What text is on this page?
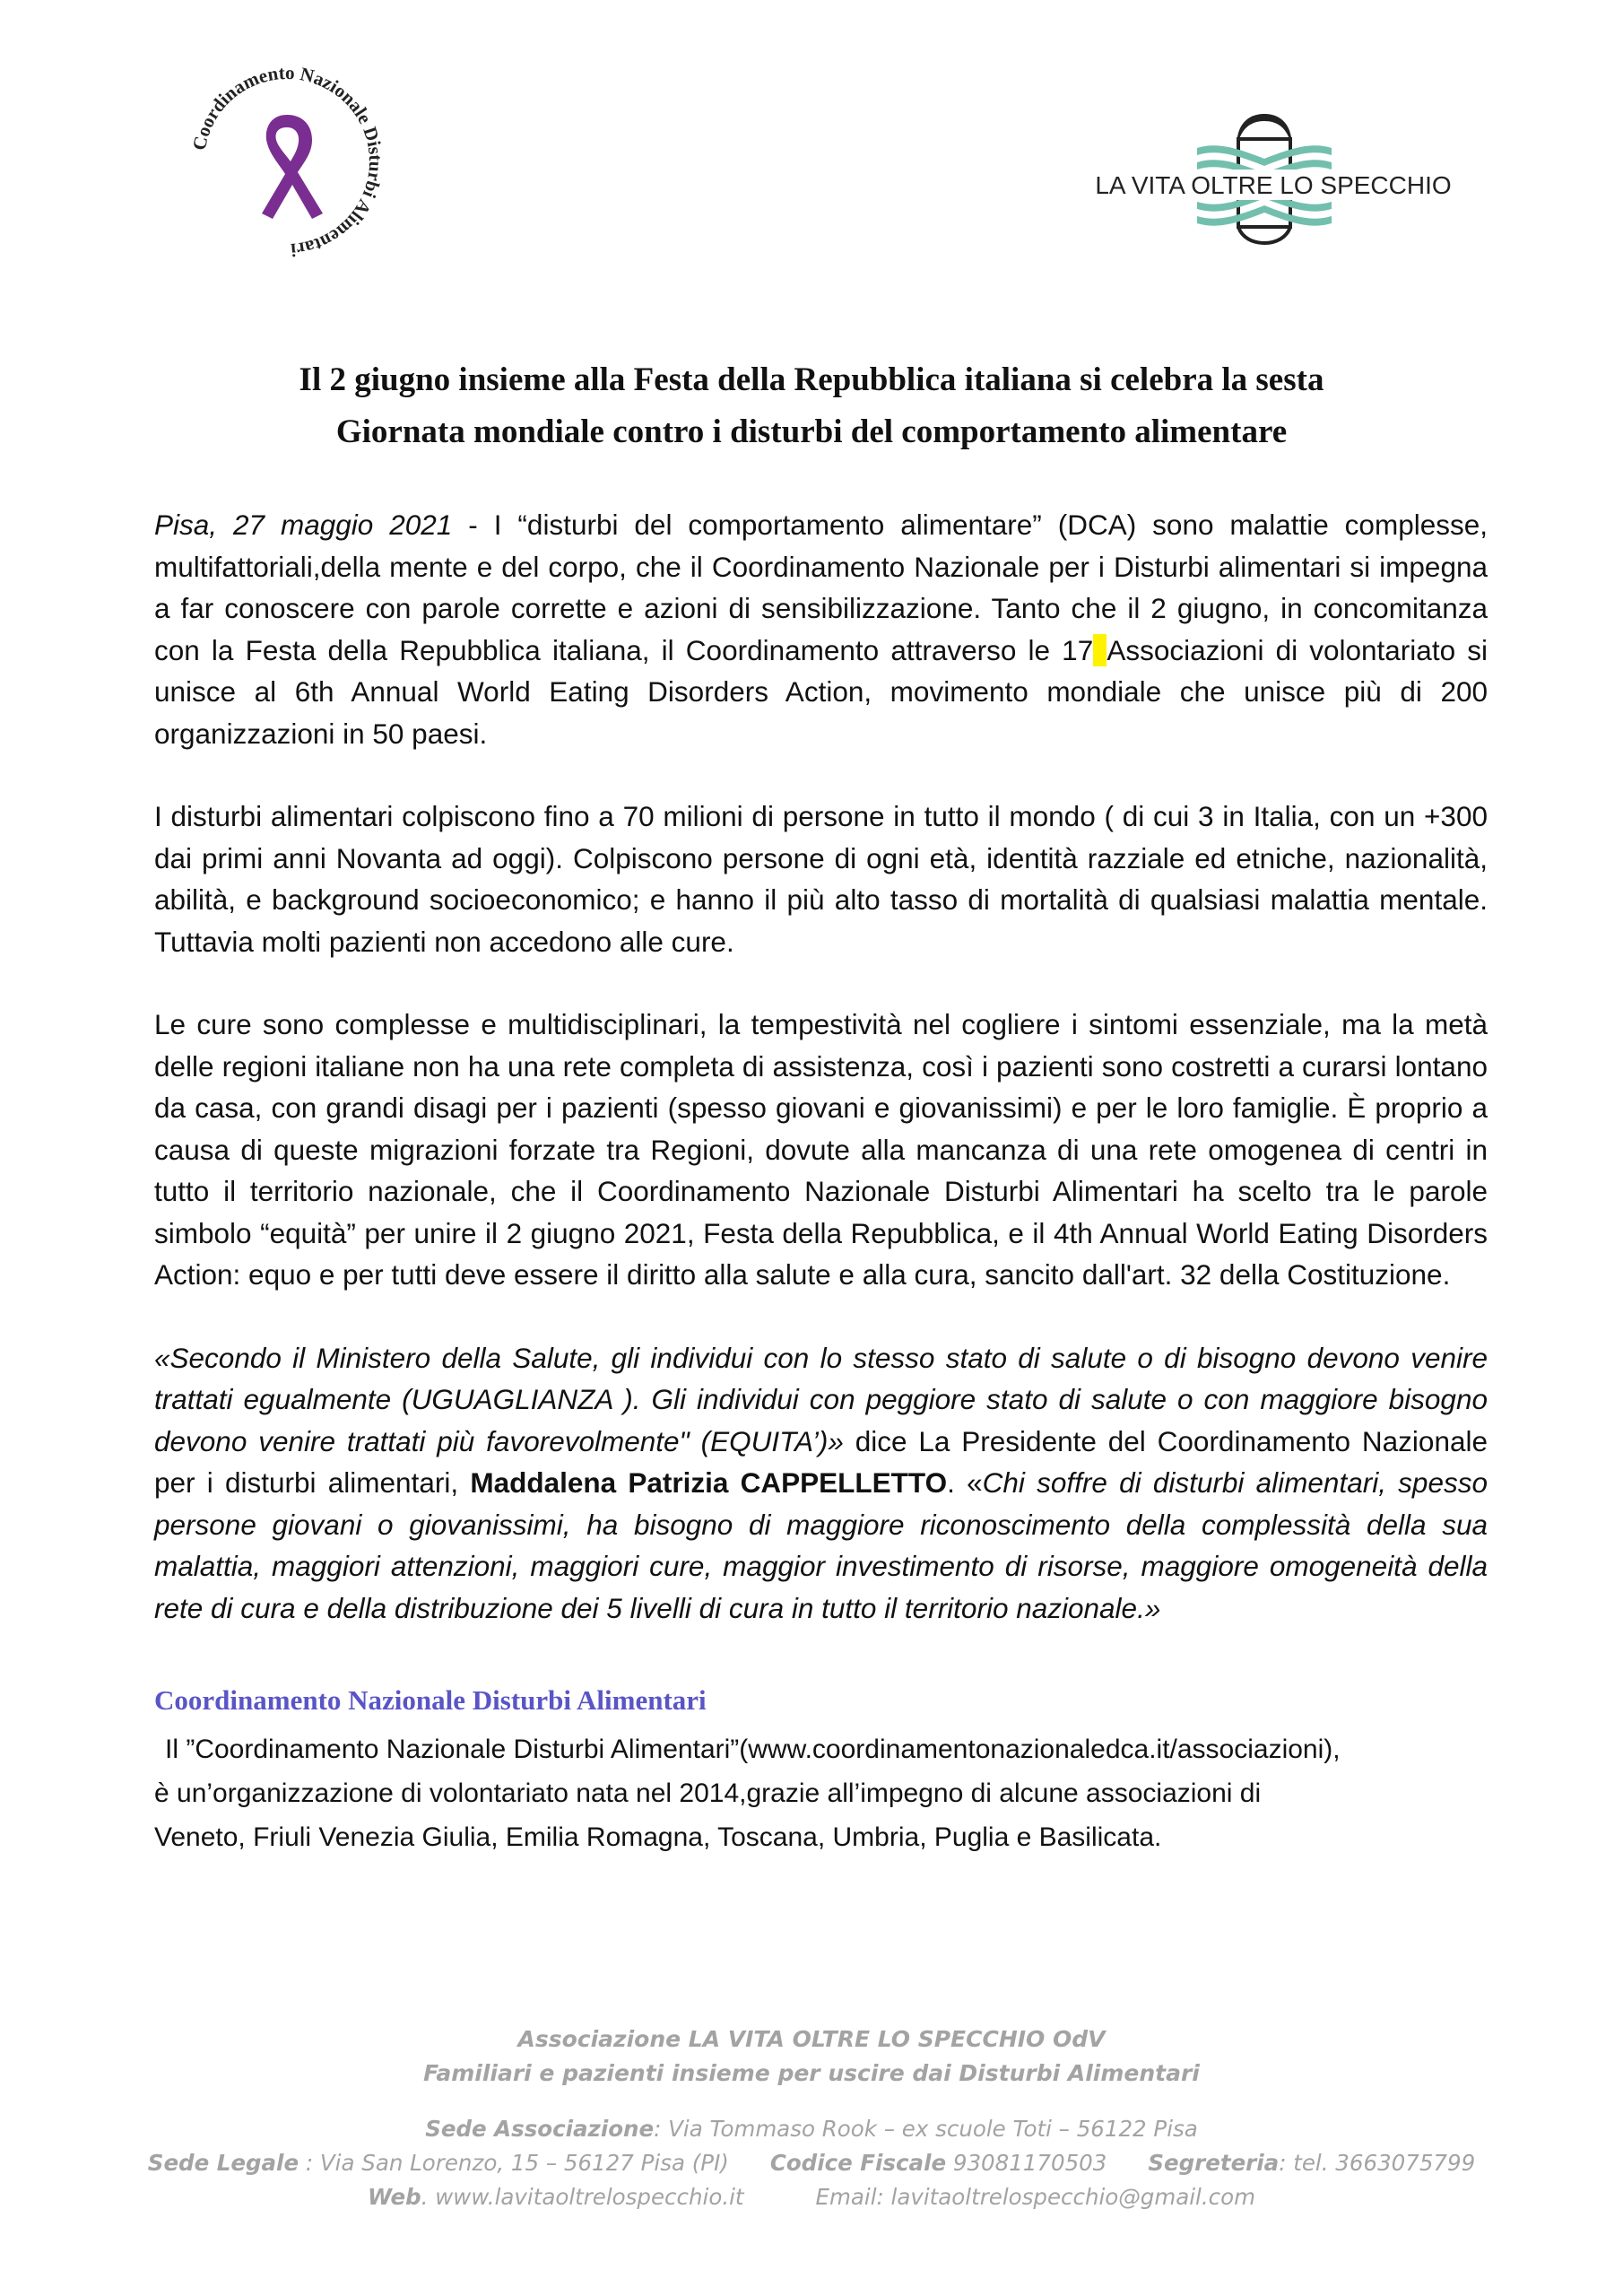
Coordinamento Nazionale Disturbi Alimentari
LA VITA OLTRE LO SPECCHIO
Il 2 giugno insieme alla Festa della Repubblica italiana si celebra la sesta
Giornata mondiale contro i disturbi del comportamento alimentare

Pisa, 27 maggio 2021 - I “disturbi del comportamento alimentare” (DCA) sono malattie complesse, multifattoriali,della mente e del corpo, che il Coordinamento Nazionale per i Disturbi alimentari si impegna a far conoscere con parole corrette e azioni di sensibilizzazione. Tanto che il 2 giugno, in concomitanza con la Festa della Repubblica italiana, il Coordinamento attraverso le 17 Associazioni di volontariato si unisce al 6th Annual World Eating Disorders Action, movimento mondiale che unisce più di 200 organizzazioni in 50 paesi.

I disturbi alimentari colpiscono fino a 70 milioni di persone in tutto il mondo ( di cui 3 in Italia, con un +300 dai primi anni Novanta ad oggi). Colpiscono persone di ogni età, identità razziale ed etniche, nazionalità, abilità, e background socioeconomico; e hanno il più alto tasso di mortalità di qualsiasi malattia mentale. Tuttavia molti pazienti non accedono alle cure.

Le cure sono complesse e multidisciplinari, la tempestività nel cogliere i sintomi essenziale, ma la metà delle regioni italiane non ha una rete completa di assistenza, così i pazienti sono costretti a curarsi lontano da casa, con grandi disagi per i pazienti (spesso giovani e giovanissimi) e per le loro famiglie. È proprio a causa di queste migrazioni forzate tra Regioni, dovute alla mancanza di una rete omogenea di centri in tutto il territorio nazionale, che il Coordinamento Nazionale Disturbi Alimentari ha scelto tra le parole simbolo “equità” per unire il 2 giugno 2021, Festa della Repubblica, e il 4th Annual World Eating Disorders Action: equo e per tutti deve essere il diritto alla salute e alla cura, sancito dall'art. 32 della Costituzione.

«Secondo il Ministero della Salute, gli individui con lo stesso stato di salute o di bisogno devono venire trattati egualmente (UGUAGLIANZA ). Gli individui con peggiore stato di salute o con maggiore bisogno devono venire trattati più favorevolmente" (EQUITA’)» dice La Presidente del Coordinamento Nazionale per i disturbi alimentari, Maddalena Patrizia CAPPELLETTO. «Chi soffre di disturbi alimentari, spesso persone giovani o giovanissimi, ha bisogno di maggiore riconoscimento della complessità della sua malattia, maggiori attenzioni, maggiori cure, maggior investimento di risorse, maggiore omogeneità della rete di cura e della distribuzione dei 5 livelli di cura in tutto il territorio nazionale.»

Coordinamento Nazionale Disturbi Alimentari

Il ”Coordinamento Nazionale Disturbi Alimentari”(www.coordinamentonazionaledca.it/associazioni),
è un’organizzazione di volontariato nata nel 2014,grazie all’impegno di alcune associazioni di
Veneto, Friuli Venezia Giulia, Emilia Romagna, Toscana, Umbria, Puglia e Basilicata.

Associazione LA VITA OLTRE LO SPECCHIO OdV
Familiari e pazienti insieme per uscire dai Disturbi Alimentari
Sede Associazione: Via Tommaso Rook – ex scuole Toti – 56122 Pisa
Sede Legale : Via San Lorenzo, 15 – 56127 Pisa (PI) Codice Fiscale 93081170503 Segreteria: tel. 3663075799
Web. www.lavitaoltrelospecchio.it	Email: lavitaoltrelospecchio@gmail.com
